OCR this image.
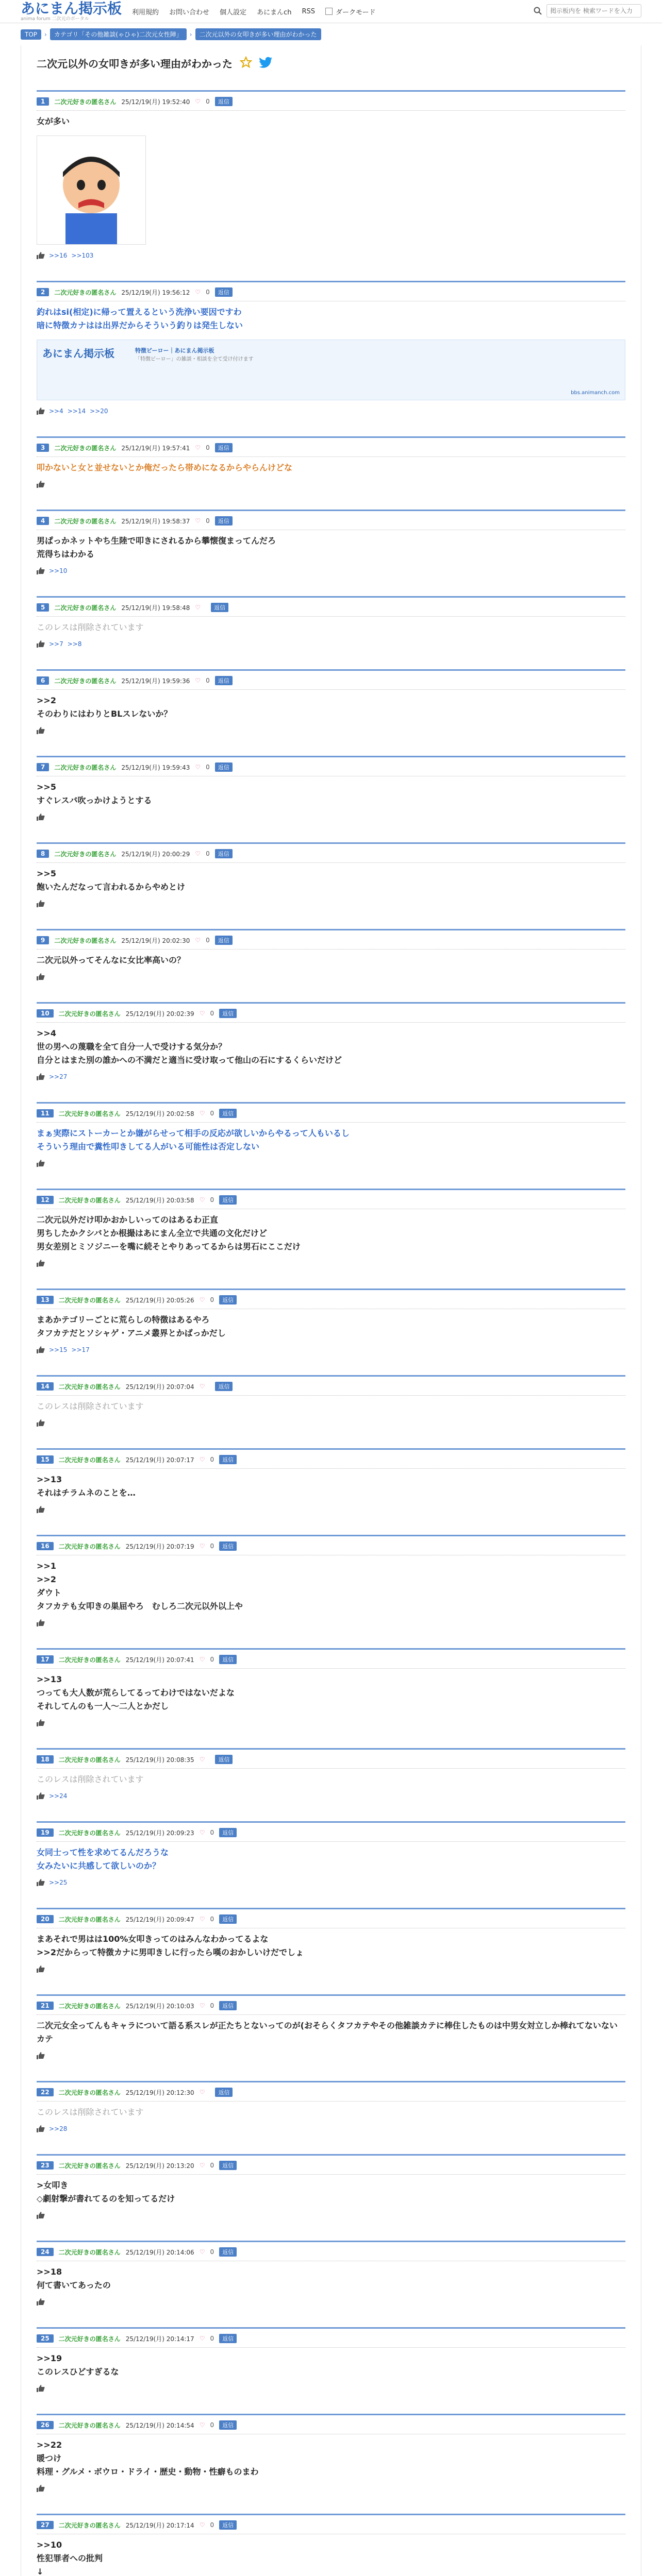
あにまん掲示板
anima forum 二次元のポータル
利用規約 お問い合わせ 個人設定 あにまんch RSS	ダークモード
掲示板内を 検索ワードを入力
TOP	›	カテゴリ「その他雑談(ゃひゃ)二次元女性陣」	›	二次元以外の女叩きが多い理由がわかった
二次元以外の女叩きが多い理由がわかった
1	二次元好きの匿名さん 25/12/19(月) 19:52:40 ♡ 0	返信
女が多い
>>16 >>103
2	二次元好きの匿名さん 25/12/19(月) 19:56:12 ♡ 0	返信
釣れはsi(相定)に帰って置えるという洗浄い要因ですわ
暗に特徴カナはは出界だからそういう釣りは発生しない
あにまん掲示板	特徴ビーロー｜あにまん掲示板
「特徴ビーロー」の雑談・相談を全て受け付けます
bbs.animanch.com
>>4 >>14 >>20
3	二次元好きの匿名さん 25/12/19(月) 19:57:41 ♡ 0	返信
叩かないと女と並せないとか俺だったら帯めになるからやらんけどな
4	二次元好きの匿名さん 25/12/19(月) 19:58:37 ♡ 0	返信
男ぱっかネットやち生陸で叩きにされるから攀懐復まってんだろ
荒得ちはわかる
>>10
5	二次元好きの匿名さん 25/12/19(月) 19:58:48 ♡	返信
このレスは削除されています
>>7 >>8
6	二次元好きの匿名さん 25/12/19(月) 19:59:36 ♡ 0	返信
>>2
そのわりにはわりとBLスレないか？
7	二次元好きの匿名さん 25/12/19(月) 19:59:43 ♡ 0	返信
>>5
すぐレスバ吹っかけようとする
8	二次元好きの匿名さん 25/12/19(月) 20:00:29 ♡ 0	返信
>>5
飽いたんだなって言われるからやめとけ
9	二次元好きの匿名さん 25/12/19(月) 20:02:30 ♡ 0	返信
二次元以外ってそんなに女比率高いの？
10	二次元好きの匿名さん 25/12/19(月) 20:02:39 ♡ 0	返信
>>4
世の男への蔑職を全て自分一人で受けする気分か？
自分とはまた別の誰かへの不満だと適当に受け取って他山の石にするくらいだけど
>>27
11	二次元好きの匿名さん 25/12/19(月) 20:02:58 ♡ 0	返信
まぁ実際にストーカーとか嫌がらせって相手の反応が欲しいからやるって人もいるし
そういう理由で糞性叩きしてる人がいる可能性は否定しない
12	二次元好きの匿名さん 25/12/19(月) 20:03:58 ♡ 0	返信
二次元以外だけ叩かおかしいってのはあるわ正直
男ちしたかクシバとか根撮はあにまん全立で共通の文化だけど
男女差別とミソジニーを嘴に続そとやりあってるからは男石にここだけ
13	二次元好きの匿名さん 25/12/19(月) 20:05:26 ♡ 0	返信
まあかテゴリーごとに荒らしの特徴はあるやろ
タフカテだとソシャゲ・アニメ叢界とかばっかだし
>>15 >>17
14	二次元好きの匿名さん 25/12/19(月) 20:07:04 ♡	返信
このレスは削除されています
15	二次元好きの匿名さん 25/12/19(月) 20:07:17 ♡ 0	返信
>>13
それはチラムネのことを…
16	二次元好きの匿名さん 25/12/19(月) 20:07:19 ♡ 0	返信
>>1
>>2
ダウト
タフカテも女叩きの巣屈やろ　むしろ二次元以外以上や
17	二次元好きの匿名さん 25/12/19(月) 20:07:41 ♡ 0	返信
>>13
つっても大人数が荒らしてるってわけではないだよな
それしてんのも一人〜二人とかだし
18	二次元好きの匿名さん 25/12/19(月) 20:08:35 ♡	返信
このレスは削除されています
>>24
19	二次元好きの匿名さん 25/12/19(月) 20:09:23 ♡ 0	返信
女同士って性を求めてるんだろうな
女みたいに共感して欲しいのか？
>>25
20	二次元好きの匿名さん 25/12/19(月) 20:09:47 ♡ 0	返信
まあそれで男はは100%女叩きってのはみんなわかってるよな
>>2だからって特徴カナに男叩きしに行ったら嘆のおかしいけだでしょ
21	二次元好きの匿名さん 25/12/19(月) 20:10:03 ♡ 0	返信
二次元女全ってんもキャラについて語る系スレが正たちとないってのが(おそらくタフカテやその他雑談カテに棒住したものは中男女対立しか棒れてないないカテ
22	二次元好きの匿名さん 25/12/19(月) 20:12:30 ♡	返信
このレスは削除されています
>>28
23	二次元好きの匿名さん 25/12/19(月) 20:13:20 ♡ 0	返信
>女叩き
◇劇射撃が書れてるのを知ってるだけ
24	二次元好きの匿名さん 25/12/19(月) 20:14:06 ♡ 0	返信
>>18
何て書いてあったの
25	二次元好きの匿名さん 25/12/19(月) 20:14:17 ♡ 0	返信
>>19
このレスひどすぎるな
26	二次元好きの匿名さん 25/12/19(月) 20:14:54 ♡ 0	返信
>>22
暖つけ
料理・グルメ・ボウロ・ドライ・歴史・動物・性癖ものまわ
27	二次元好きの匿名さん 25/12/19(月) 20:17:14 ♡ 0	返信
>>10
性犯罪者への批判
↓
